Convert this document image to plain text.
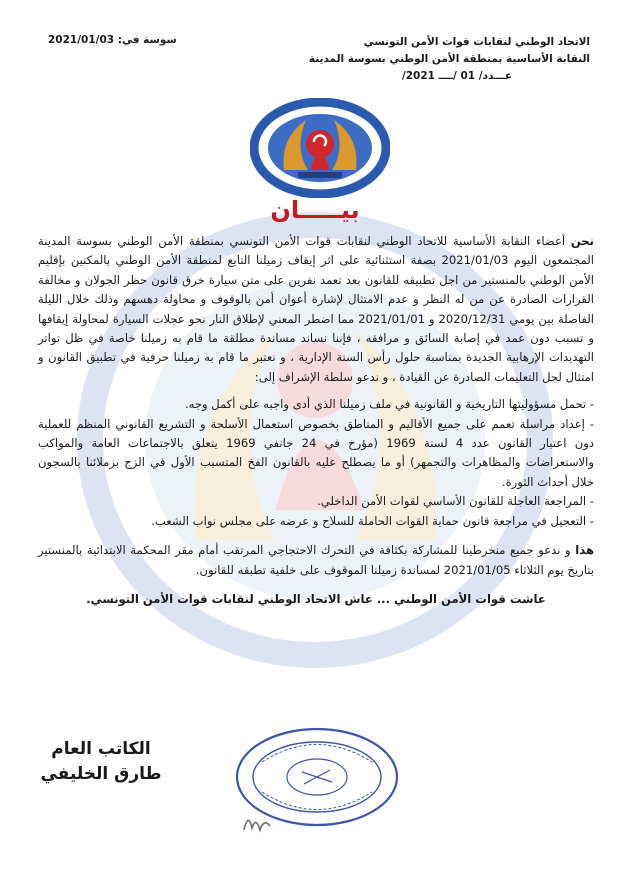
الاتحاد الوطني لنقابات قوات الأمن التونسي
النقابة الأساسية بمنطقة الأمن الوطني بسوسة المدينة
عـــدد/ 01 /ــــ 2021/
سوسة في: 2021/01/03
بيـــــان

نحن أعضاء النقابة الأساسية للاتحاد الوطني لنقابات قوات الأمن التونسي بمنطقة الأمن الوطني بسوسة المدينة المجتمعون اليوم 2021/01/03 بصفة استثنائية على اثر إيقاف زميلنا التابع لمنطقة الأمن الوطني بالمكنين بإقليم الأمن الوطني بالمنستير من اجل تطبيقه للقانون بعد تعمد نفرين على متن سيارة خرق قانون حظر الجولان و مخالفة القرارات الصادرة عن من له النظر و عدم الامتثال لإشارة أعوان أمن بالوقوف و محاولة دهسهم وذلك خلال الليلة الفاصلة بين يومي 2020/12/31 و 2021/01/01 مما اضطر المعني لإطلاق النار نحو عجلات السيارة لمحاولة إيقافها و تسبب دون عمد في إصابة السائق و مرافقه ، فإننا نساند مساندة مطلقة ما قام به زميلنا خاصة في ظل تواتر التهديدات الإرهابية الجديدة بمناسبة حلول رأس السنة الإدارية ، و نعتبر ما قام به زميلنا حرفية في تطبيق القانون و امتثال لجل التعليمات الصادرة عن القيادة ، و ندعو سلطة الإشراف إلى:

- تحمل مسؤوليتها التاريخية و القانونية في ملف زميلنا الذي أدى واجبه على أكمل وجه.
- إعداد مراسلة تعمم على جميع الأقاليم و المناطق بخصوص استعمال الأسلحة و التشريع القانوني المنظم للعملية دون اعتبار القانون عدد 4 لسنة 1969 (مؤرخ في 24 جانفي 1969 يتعلق بالاجتماعات العامة والمواكب والاستعراضات والمظاهرات والتجمهر) أو ما يصطلح عليه بالقانون الفخ المتسبب الأول في الزج بزملائنا بالسجون خلال أحداث الثورة.
- المراجعة العاجلة للقانون الأساسي لقوات الأمن الداخلي.
- التعجيل في مراجعة قانون حماية القوات الحاملة للسلاح و عرضه على مجلس نواب الشعب.

هذا و ندعو جميع منخرطينا للمشاركة بكثافة في التحرك الاحتجاجي المرتقب أمام مقر المحكمة الابتدائية بالمنستير بتاريخ يوم الثلاثاء 2021/01/05 لمساندة زميلنا الموقوف على خلفية تطبقه للقانون.

عاشت قوات الأمن الوطني ... عاش الاتحاد الوطني لنقابات قوات الأمن التونسي.

الكاتب العام
طارق الخليفي
